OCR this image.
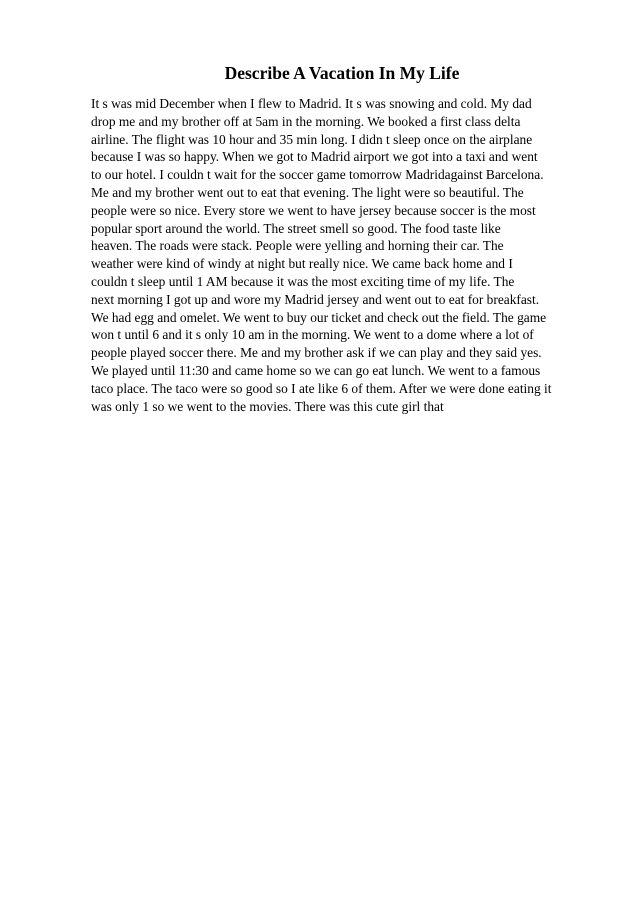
Describe A Vacation In My Life
It s was mid December when I flew to Madrid. It s was snowing and cold. My dad
drop me and my brother off at 5am in the morning. We booked a first class delta
airline. The flight was 10 hour and 35 min long. I didn t sleep once on the airplane
because I was so happy. When we got to Madrid airport we got into a taxi and went
to our hotel. I couldn t wait for the soccer game tomorrow Madridagainst Barcelona.
Me and my brother went out to eat that evening. The light were so beautiful. The
people were so nice. Every store we went to have jersey because soccer is the most
popular sport around the world. The street smell so good. The food taste like
heaven. The roads were stack. People were yelling and horning their car. The
weather were kind of windy at night but really nice. We came back home and I
couldn t sleep until 1 AM because it was the most exciting time of my life. The
next morning I got up and wore my Madrid jersey and went out to eat for breakfast.
We had egg and omelet. We went to buy our ticket and check out the field. The game
won t until 6 and it s only 10 am in the morning. We went to a dome where a lot of
people played soccer there. Me and my brother ask if we can play and they said yes.
We played until 11:30 and came home so we can go eat lunch. We went to a famous
taco place. The taco were so good so I ate like 6 of them. After we were done eating it
was only 1 so we went to the movies. There was this cute girl that
